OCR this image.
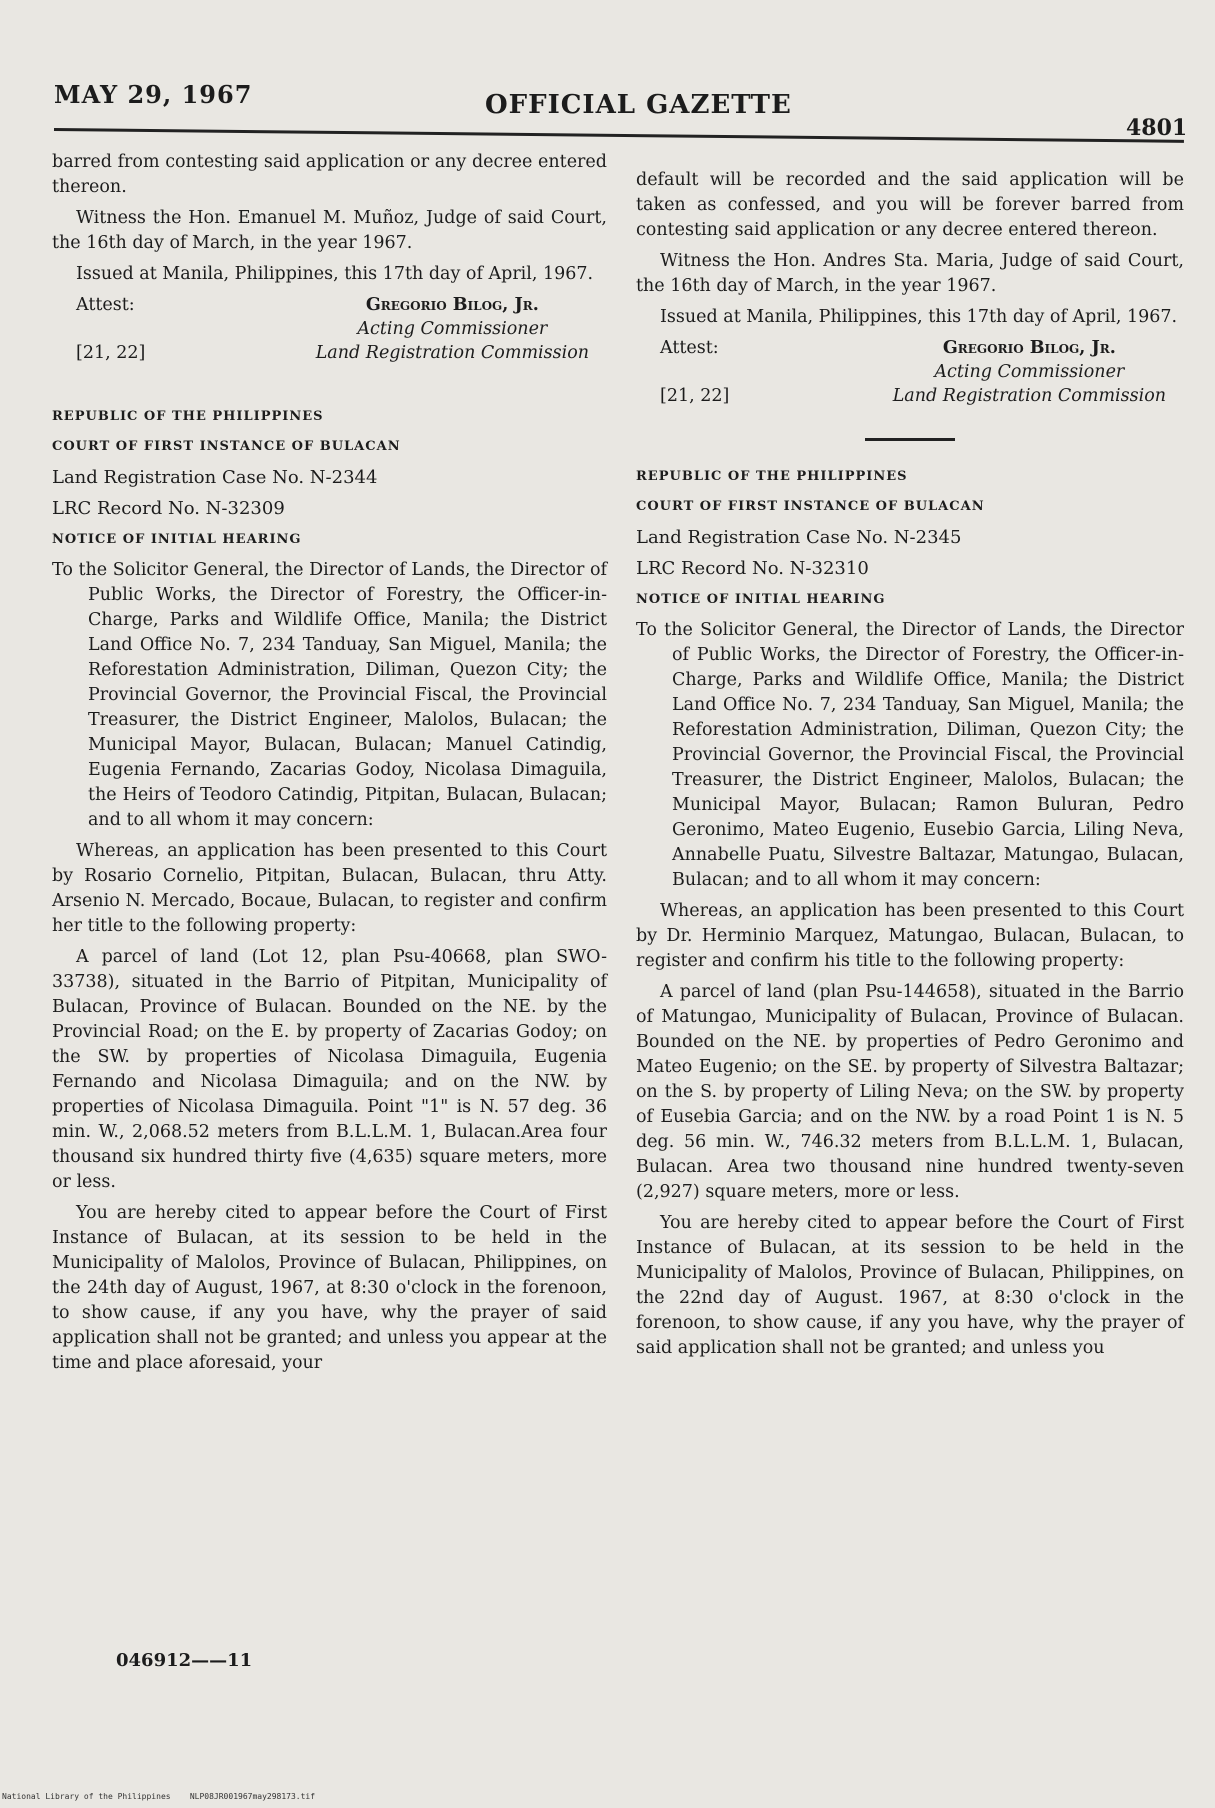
MAY 29, 1967	OFFICIAL GAZETTE
4801

barred from contesting said application or any decree entered thereon.

Witness the Hon. Emanuel M. Muñoz, Judge of said Court, the 16th day of March, in the year 1967.

Issued at Manila, Philippines, this 17th day of April, 1967.

Attest:
[21, 22]
Gregorio Bilog, Jr.
Acting Commissioner
Land Registration Commission

REPUBLIC OF THE PHILIPPINES

COURT OF FIRST INSTANCE OF BULACAN

Land Registration Case No. N-2344

LRC Record No. N-32309

NOTICE OF INITIAL HEARING

To the Solicitor General, the Director of Lands, the Director of Public Works, the Director of Forestry, the Officer-in-Charge, Parks and Wildlife Office, Manila; the District Land Office No. 7, 234 Tanduay, San Miguel, Manila; the Reforestation Administration, Diliman, Quezon City; the Provincial Governor, the Provincial Fiscal, the Provincial Treasurer, the District Engineer, Malolos, Bulacan; the Municipal Mayor, Bulacan, Bulacan; Manuel Catindig, Eugenia Fernando, Zacarias Godoy, Nicolasa Dimaguila, the Heirs of Teodoro Catindig, Pitpitan, Bulacan, Bulacan; and to all whom it may concern:

Whereas, an application has been presented to this Court by Rosario Cornelio, Pitpitan, Bulacan, Bulacan, thru Atty. Arsenio N. Mercado, Bocaue, Bulacan, to register and confirm her title to the following property:

A parcel of land (Lot 12, plan Psu-40668, plan SWO-33738), situated in the Barrio of Pitpitan, Municipality of Bulacan, Province of Bulacan. Bounded on the NE. by the Provincial Road; on the E. by property of Zacarias Godoy; on the SW. by properties of Nicolasa Dimaguila, Eugenia Fernando and Nicolasa Dimaguila; and on the NW. by properties of Nicolasa Dimaguila. Point "1" is N. 57 deg. 36 min. W., 2,068.52 meters from B.L.L.M. 1, Bulacan.Area four thousand six hundred thirty five (4,635) square meters, more or less.

You are hereby cited to appear before the Court of First Instance of Bulacan, at its session to be held in the Municipality of Malolos, Province of Bulacan, Philippines, on the 24th day of August, 1967, at 8:30 o'clock in the forenoon, to show cause, if any you have, why the prayer of said application shall not be granted; and unless you appear at the time and place aforesaid, your

default will be recorded and the said application will be taken as confessed, and you will be forever barred from contesting said application or any decree entered thereon.

Witness the Hon. Andres Sta. Maria, Judge of said Court, the 16th day of March, in the year 1967.

Issued at Manila, Philippines, this 17th day of April, 1967.

Attest:
[21, 22]
Gregorio Bilog, Jr.
Acting Commissioner
Land Registration Commission

REPUBLIC OF THE PHILIPPINES

COURT OF FIRST INSTANCE OF BULACAN

Land Registration Case No. N-2345

LRC Record No. N-32310

NOTICE OF INITIAL HEARING

To the Solicitor General, the Director of Lands, the Director of Public Works, the Director of Forestry, the Officer-in-Charge, Parks and Wildlife Office, Manila; the District Land Office No. 7, 234 Tanduay, San Miguel, Manila; the Reforestation Administration, Diliman, Quezon City; the Provincial Governor, the Provincial Fiscal, the Provincial Treasurer, the District Engineer, Malolos, Bulacan; the Municipal Mayor, Bulacan; Ramon Buluran, Pedro Geronimo, Mateo Eugenio, Eusebio Garcia, Liling Neva, Annabelle Puatu, Silvestre Baltazar, Matungao, Bulacan, Bulacan; and to all whom it may concern:

Whereas, an application has been presented to this Court by Dr. Herminio Marquez, Matungao, Bulacan, Bulacan, to register and confirm his title to the following property:

A parcel of land (plan Psu-144658), situated in the Barrio of Matungao, Municipality of Bulacan, Province of Bulacan. Bounded on the NE. by properties of Pedro Geronimo and Mateo Eugenio; on the SE. by property of Silvestra Baltazar; on the S. by property of Liling Neva; on the SW. by property of Eusebia Garcia; and on the NW. by a road Point 1 is N. 5 deg. 56 min. W., 746.32 meters from B.L.L.M. 1, Bulacan, Bulacan. Area two thousand nine hundred twenty-seven (2,927) square meters, more or less.

You are hereby cited to appear before the Court of First Instance of Bulacan, at its session to be held in the Municipality of Malolos, Province of Bulacan, Philippines, on the 22nd day of August. 1967, at 8:30 o'clock in the forenoon, to show cause, if any you have, why the prayer of said application shall not be granted; and unless you

046912——11
National Library of the Philippines    NLP08JR001967may298173.tif
